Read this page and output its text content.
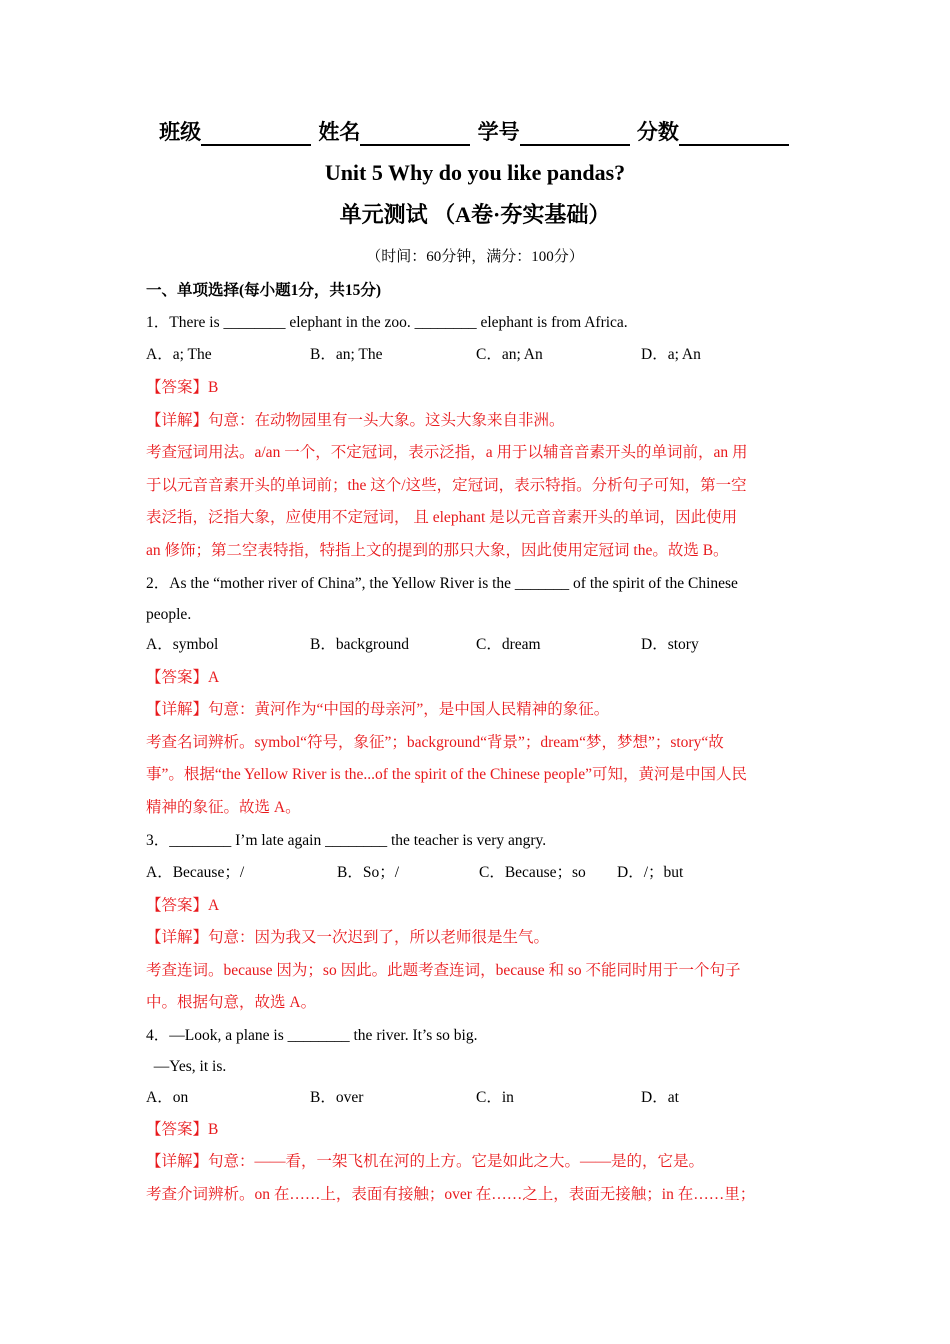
班级	姓名	学号	分数
Unit 5 Why do you like pandas?
单元测试 （A卷·夯实基础）
（时间：60分钟，满分：100分）
一、单项选择(每小题1分，共15分)
1．There is ________ elephant in the zoo. ________ elephant is from Africa.
A．a; The	B．an; The	C．an; An	D．a; An
【答案】B
【详解】句意：在动物园里有一头大象。这头大象来自非洲。
考查冠词用法。a/an 一个，不定冠词，表示泛指，a 用于以辅音音素开头的单词前，an 用
于以元音音素开头的单词前；the 这个/这些，定冠词，表示特指。分析句子可知，第一空
表泛指，泛指大象，应使用不定冠词， 且 elephant 是以元音音素开头的单词，因此使用
an 修饰；第二空表特指，特指上文的提到的那只大象，因此使用定冠词 the。故选 B。
2．As the “mother river of China”, the Yellow River is the _______ of the spirit of the Chinese
people.
A．symbol	B．background	C．dream	D．story
【答案】A
【详解】句意：黄河作为“中国的母亲河”，是中国人民精神的象征。
考查名词辨析。symbol“符号，象征”；background“背景”；dream“梦，梦想”；story“故
事”。根据“the Yellow River is the...of the spirit of the Chinese people”可知，黄河是中国人民
精神的象征。故选 A。
3．________ I’m late again ________ the teacher is very angry.
A．Because；/	B．So；/	C．Because；so D．/；but
【答案】A
【详解】句意：因为我又一次迟到了，所以老师很是生气。
考查连词。because 因为；so 因此。此题考查连词，because 和 so 不能同时用于一个句子
中。根据句意，故选 A。
4．—Look, a plane is ________ the river. It’s so big.
—Yes, it is.
A．on	B．over	C．in	D．at
【答案】B
【详解】句意：——看，一架飞机在河的上方。它是如此之大。——是的，它是。
考查介词辨析。on 在……上，表面有接触；over 在……之上，表面无接触；in 在……里；
